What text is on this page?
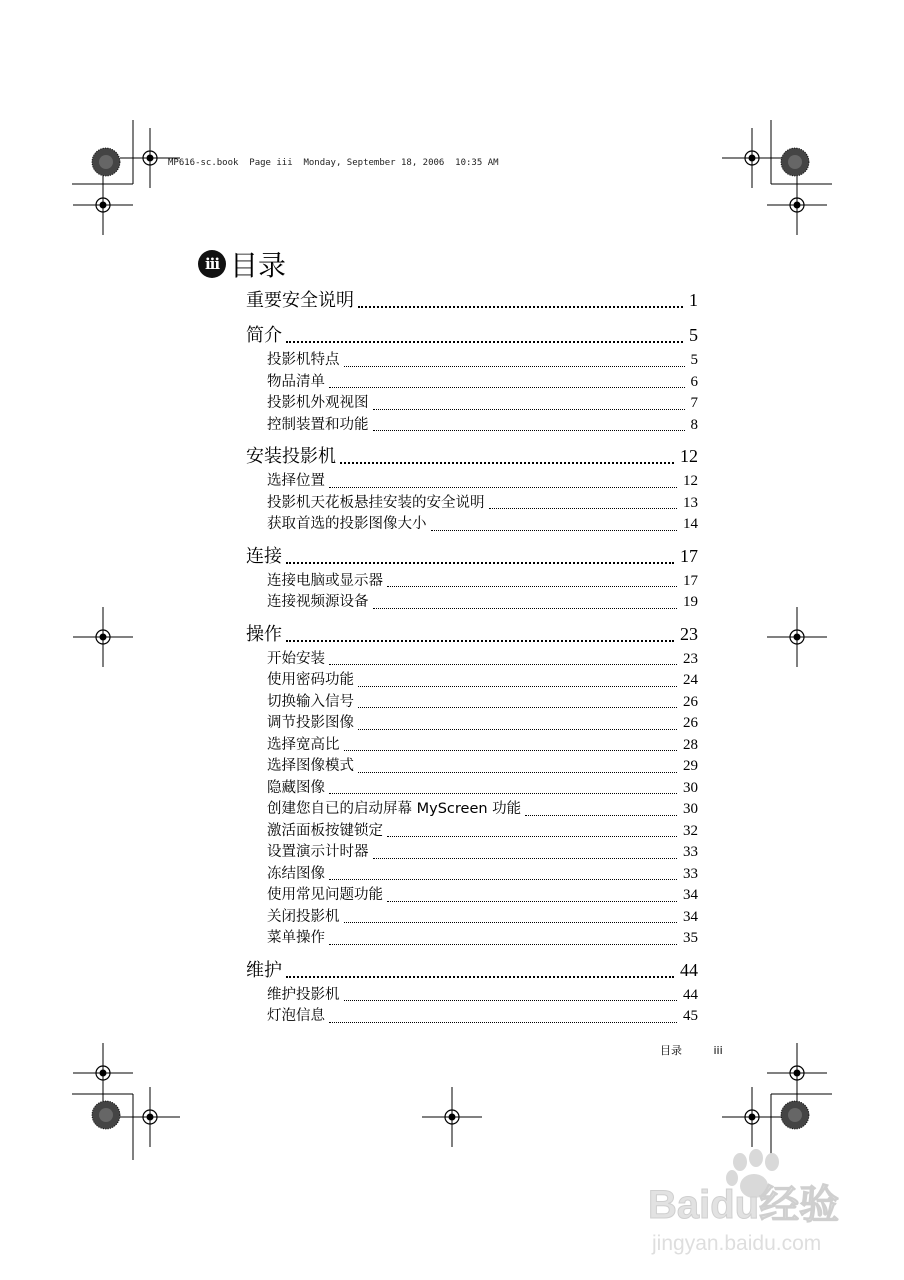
MP616-sc.book  Page iii  Monday, September 18, 2006  10:35 AM
iii 目录
重要安全说明	1
简介	5
投影机特点	5
物品清单	6
投影机外观视图	7
控制装置和功能	8
安装投影机	12
选择位置	12
投影机天花板悬挂安装的安全说明	13
获取首选的投影图像大小	14
连接	17
连接电脑或显示器	17
连接视频源设备	19
操作	23
开始安装	23
使用密码功能	24
切换输入信号	26
调节投影图像	26
选择宽高比	28
选择图像模式	29
隐藏图像	30
创建您自已的启动屏幕 MyScreen 功能	30
激活面板按键锁定	32
设置演示计时器	33
冻结图像	33
使用常见问题功能	34
关闭投影机	34
菜单操作	35
维护	44
维护投影机	44
灯泡信息	45
目录	iii
Baidu经验
jingyan.baidu.com
